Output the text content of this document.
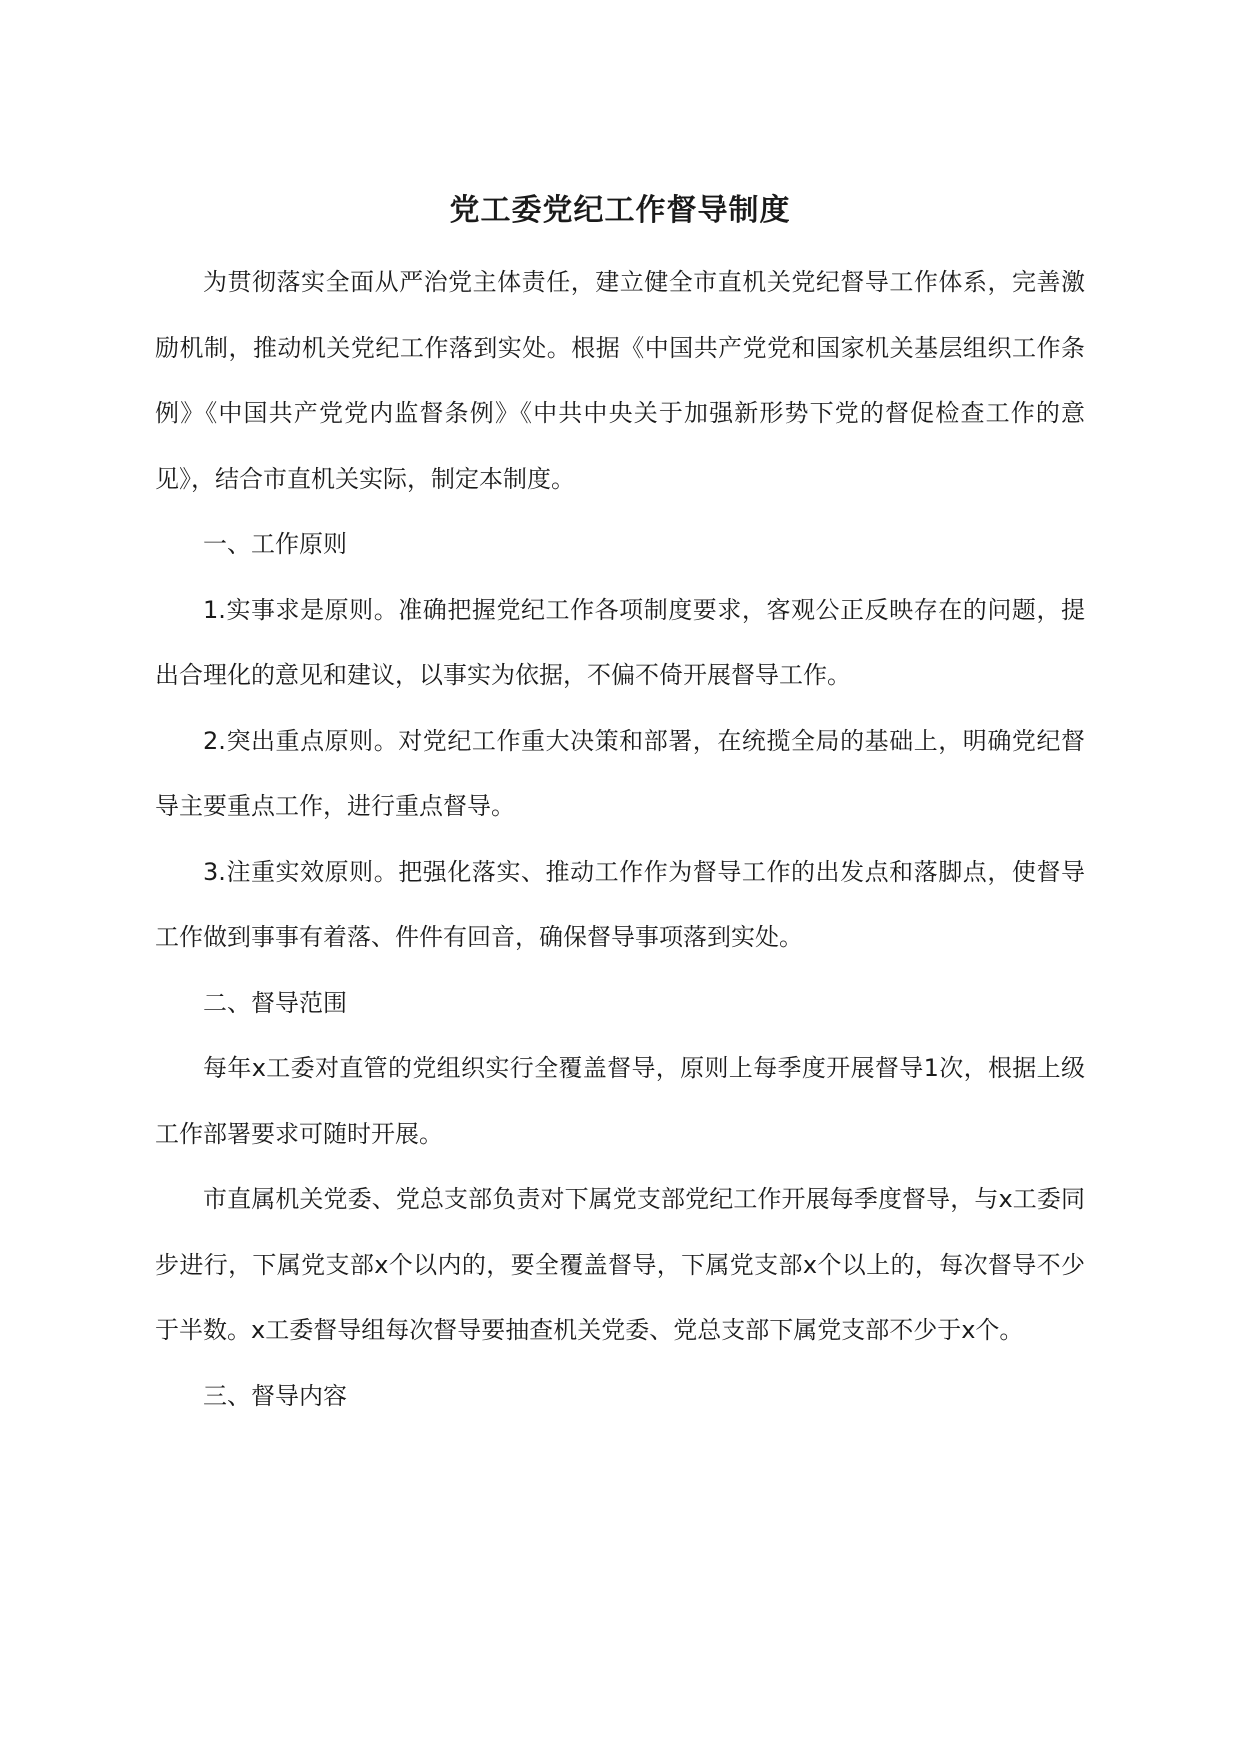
党工委党纪工作督导制度

为贯彻落实全面从严治党主体责任，建立健全市直机关党纪督导工作体系，完善激励机制，推动机关党纪工作落到实处。根据《中国共产党党和国家机关基层组织工作条例》《中国共产党党内监督条例》《中共中央关于加强新形势下党的督促检查工作的意见》，结合市直机关实际，制定本制度。

一、工作原则

1.实事求是原则。准确把握党纪工作各项制度要求，客观公正反映存在的问题，提出合理化的意见和建议，以事实为依据，不偏不倚开展督导工作。

2.突出重点原则。对党纪工作重大决策和部署，在统揽全局的基础上，明确党纪督导主要重点工作，进行重点督导。

3.注重实效原则。把强化落实、推动工作作为督导工作的出发点和落脚点，使督导工作做到事事有着落、件件有回音，确保督导事项落到实处。

二、督导范围

每年x工委对直管的党组织实行全覆盖督导，原则上每季度开展督导1次，根据上级工作部署要求可随时开展。

市直属机关党委、党总支部负责对下属党支部党纪工作开展每季度督导，与x工委同步进行，下属党支部x个以内的，要全覆盖督导，下属党支部x个以上的，每次督导不少于半数。x工委督导组每次督导要抽查机关党委、党总支部下属党支部不少于x个。

三、督导内容
